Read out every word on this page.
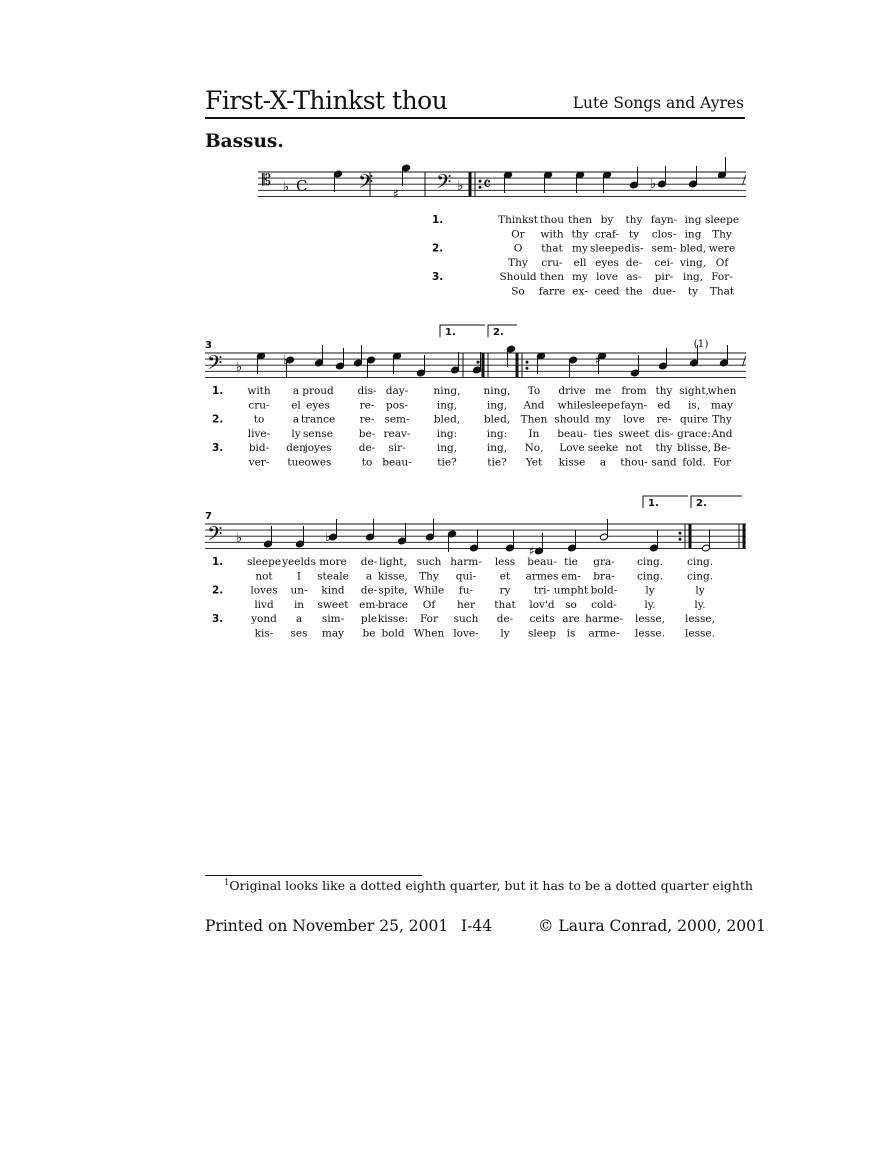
First-X-Thinkst thou	Lute Songs and Ayres
Bassus.
𝄡 ♭ C 𝄢 ♯ 𝄢 ♭ 𝄴	♭	∕
1.	Thinkst thou then by thy fayn- ing sleepe
Or with thy craf- ty clos- ing Thy
2.	O that my sleepe dis- sem- bled, were
Thy cru- ell eyes de- cei- ving, Of
3.	Should then my love as- pir- ing, For-
So farre ex- ceed the due- ty That
3
𝄢 ♭	♭	♯
1.	2.
(1)
∕
1. with a proud dis- day- ning, ning, To drive me from thy sight,
when
cru- el eyes	re- pos-	ing,	ing, And while sleepe fayn- ed is, may
2.	to	a trance re- sem- bled, bled, Then should my love re- quire Thy
live- ly sense be- reav-	ing:	ing: In beau- ties sweet dis- grace: And
3. bid- den
joyes	de- sir-	ing,	ing, No, Love seeke not thy blisse, Be-
ver- tue owes	to beau- tie?	tie? Yet kisse a thou- sand fold. For
7
𝄢 ♭	♭
♯
1.	2.
1. sleepe yeelds more de- light, such harm- less beau- tie gra- cing. cing.
not I steale a kisse, Thy qui- et armes em- bra- cing. cing.
2.	loves un- kind de- spite, While fu-	ry tri- umpht bold-	ly	ly
livd in sweet em- brace Of her that lov'd so cold-	ly.	ly.
3.	yond a sim- ple kisse: For such de- ceits are harme- lesse, lesse,
kis- ses may be bold When love- ly sleep is arme- lesse. lesse.
$^1$Original looks like a dotted eighth quarter, but it has to be a dotted quarter eighth
Printed on November 25, 2001 I-44	© Laura Conrad, 2000, 2001
